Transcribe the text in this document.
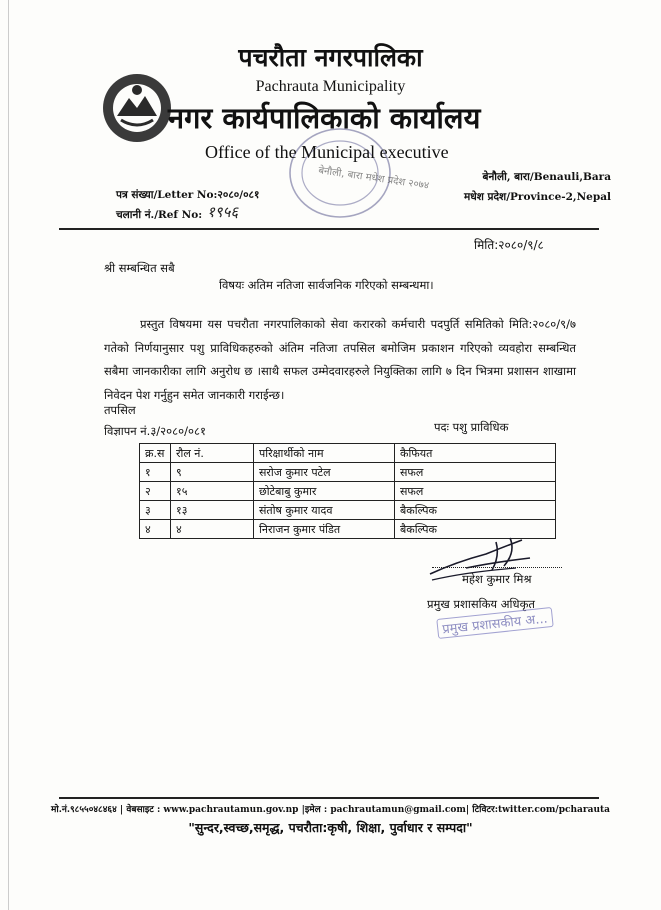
बेनौली, बारा मधेश प्रदेश २०७४
पचरौता नगरपालिका
Pachrauta Municipality
नगर कार्यपालिकाको कार्यालय
Office of the Municipal executive
पत्र संख्या/Letter No:२०८०/०८१
चलानी नं./Ref No: १९५६
बेनौली, बारा/Benauli,Bara
मधेश प्रदेश/Province-2,Nepal
मिति:२०८०/९/८
श्री सम्बन्धित सबै
विषयः अतिम नतिजा सार्वजनिक गरिएको सम्बन्धमा।
प्रस्तुत विषयमा यस पचरौता नगरपालिकाको सेवा करारको कर्मचारी पदपुर्ति समितिको मिति:२०८०/९/७ गतेको निर्णयानुसार पशु प्राविधिकहरुको अंतिम नतिजा तपसिल बमोजिम प्रकाशन गरिएको व्यवहोरा सम्बन्धित सबैमा जानकारीका लागि अनुरोध छ ।साथै सफल उम्मेदवारहरुले नियुक्तिका लागि ७ दिन भित्रमा प्रशासन शाखामा निवेदन पेश गर्नुहुन समेत जानकारी गराईन्छ।
तपसिल
विज्ञापन नं.३/२०८०/०८१	पदः पशु प्राविधिक
क्र.स	रौल नं.	परिक्षार्थीको नाम	कैफियत
१	९	सरोज कुमार पटेल	सफल
२	१५	छोटेबाबु कुमार	सफल
३	१३	संतोष कुमार यादव	बैकल्पिक
४	४	निराजन कुमार पंडित	बैकल्पिक
महेश कुमार मिश्र
प्रमुख प्रशासकिय अधिकृत
प्रमुख प्रशासकीय अ...
मो.नं.९८५५०४८४६४ | वेबसाइट : www.pachrautamun.gov.np |इमेल : pachrautamun@gmail.com| टिविटर:twitter.com/pcharauta
"सुन्दर,स्वच्छ,समृद्ध, पचरौता:कृषी, शिक्षा, पुर्वाधार र सम्पदा"
